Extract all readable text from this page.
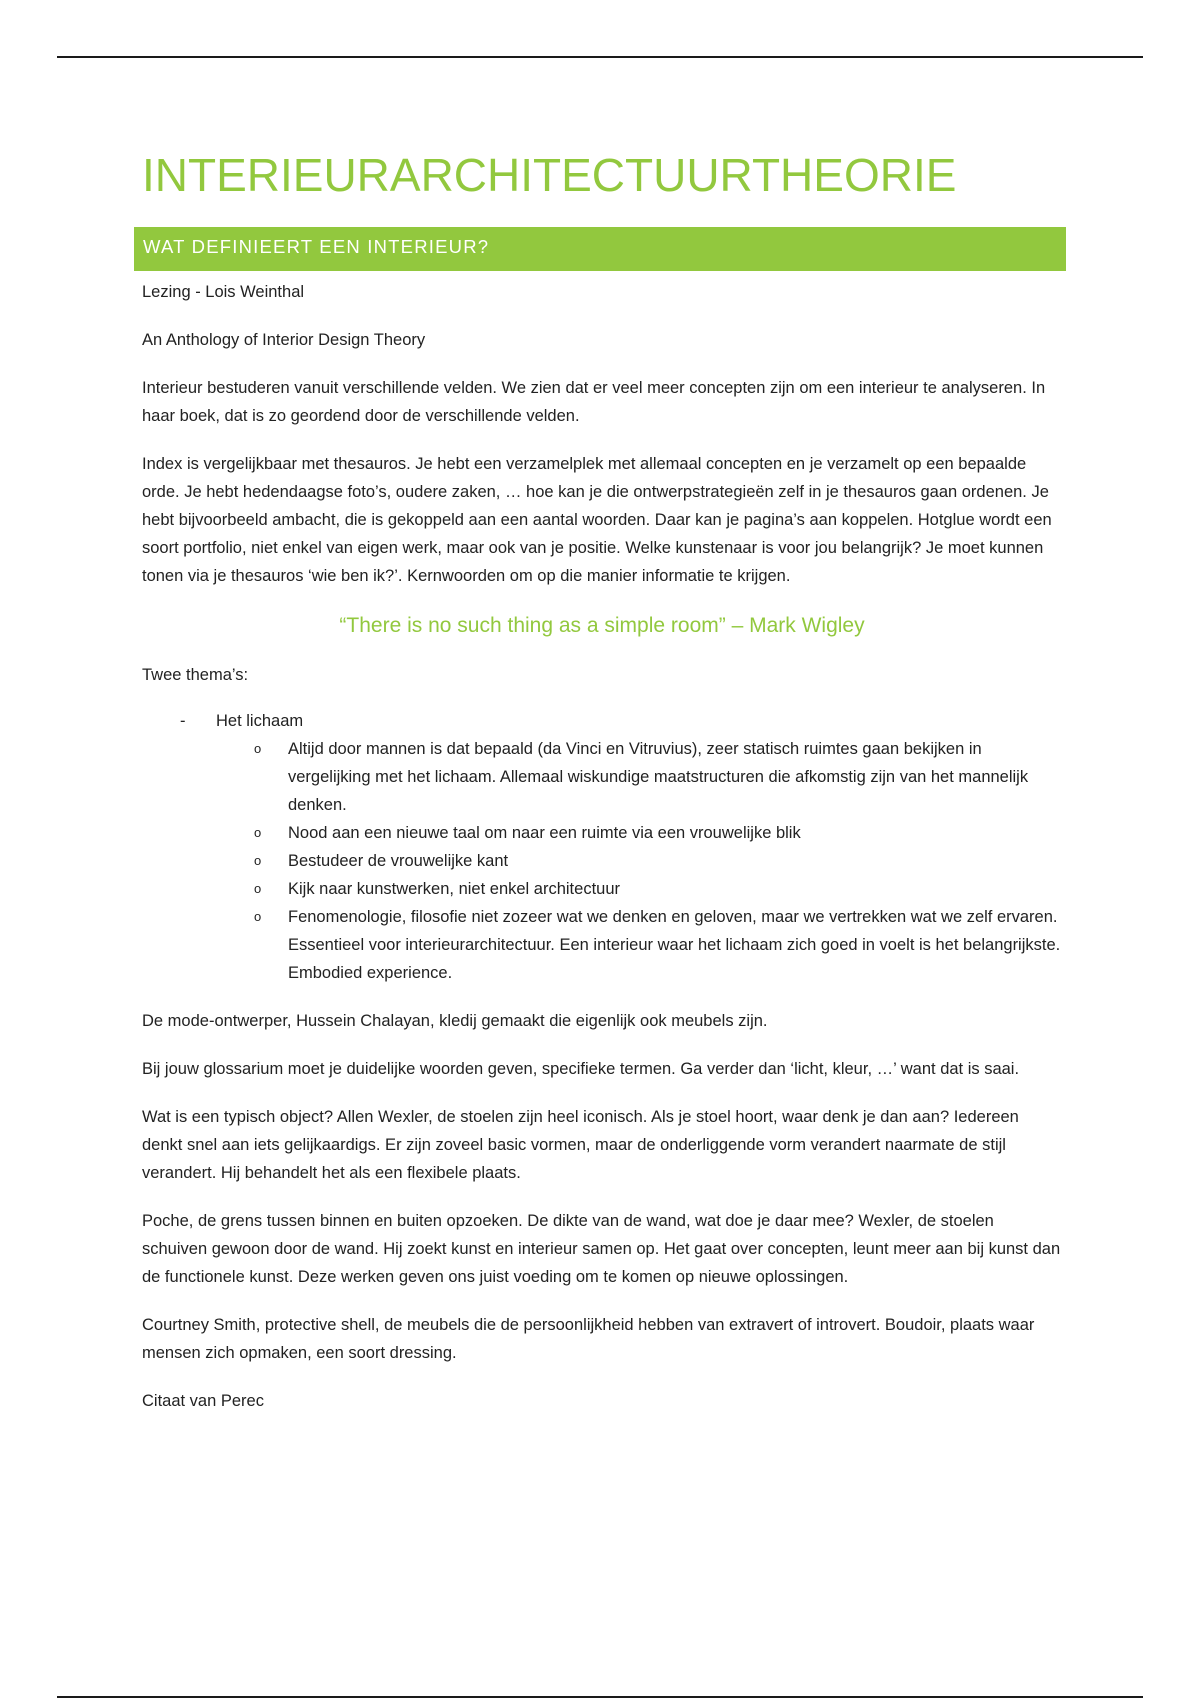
INTERIEURARCHITECTUURTHEORIE
WAT DEFINIEERT EEN INTERIEUR?

Lezing - Lois Weinthal

An Anthology of Interior Design Theory

Interieur bestuderen vanuit verschillende velden. We zien dat er veel meer concepten zijn om een interieur te analyseren. In haar boek, dat is zo geordend door de verschillende velden.

Index is vergelijkbaar met thesauros. Je hebt een verzamelplek met allemaal concepten en je verzamelt op een bepaalde orde. Je hebt hedendaagse foto’s, oudere zaken, … hoe kan je die ontwerpstrategieën zelf in je thesauros gaan ordenen. Je hebt bijvoorbeeld ambacht, die is gekoppeld aan een aantal woorden. Daar kan je pagina’s aan koppelen. Hotglue wordt een soort portfolio, niet enkel van eigen werk, maar ook van je positie. Welke kunstenaar is voor jou belangrijk? Je moet kunnen tonen via je thesauros ‘wie ben ik?’. Kernwoorden om op die manier informatie te krijgen.

“There is no such thing as a simple room” – Mark Wigley

Twee thema’s:

- Het lichaam
o Altijd door mannen is dat bepaald (da Vinci en Vitruvius), zeer statisch ruimtes gaan bekijken in vergelijking met het lichaam. Allemaal wiskundige maatstructuren die afkomstig zijn van het mannelijk denken.
o Nood aan een nieuwe taal om naar een ruimte via een vrouwelijke blik
o Bestudeer de vrouwelijke kant
o Kijk naar kunstwerken, niet enkel architectuur
o Fenomenologie, filosofie niet zozeer wat we denken en geloven, maar we vertrekken wat we zelf ervaren. Essentieel voor interieurarchitectuur. Een interieur waar het lichaam zich goed in voelt is het belangrijkste. Embodied experience.

De mode-ontwerper, Hussein Chalayan, kledij gemaakt die eigenlijk ook meubels zijn.

Bij jouw glossarium moet je duidelijke woorden geven, specifieke termen. Ga verder dan ‘licht, kleur, …’ want dat is saai.

Wat is een typisch object? Allen Wexler, de stoelen zijn heel iconisch. Als je stoel hoort, waar denk je dan aan? Iedereen denkt snel aan iets gelijkaardigs. Er zijn zoveel basic vormen, maar de onderliggende vorm verandert naarmate de stijl verandert. Hij behandelt het als een flexibele plaats.

Poche, de grens tussen binnen en buiten opzoeken. De dikte van de wand, wat doe je daar mee? Wexler, de stoelen schuiven gewoon door de wand. Hij zoekt kunst en interieur samen op. Het gaat over concepten, leunt meer aan bij kunst dan de functionele kunst. Deze werken geven ons juist voeding om te komen op nieuwe oplossingen.

Courtney Smith, protective shell, de meubels die de persoonlijkheid hebben van extravert of introvert. Boudoir, plaats waar mensen zich opmaken, een soort dressing.

Citaat van Perec
